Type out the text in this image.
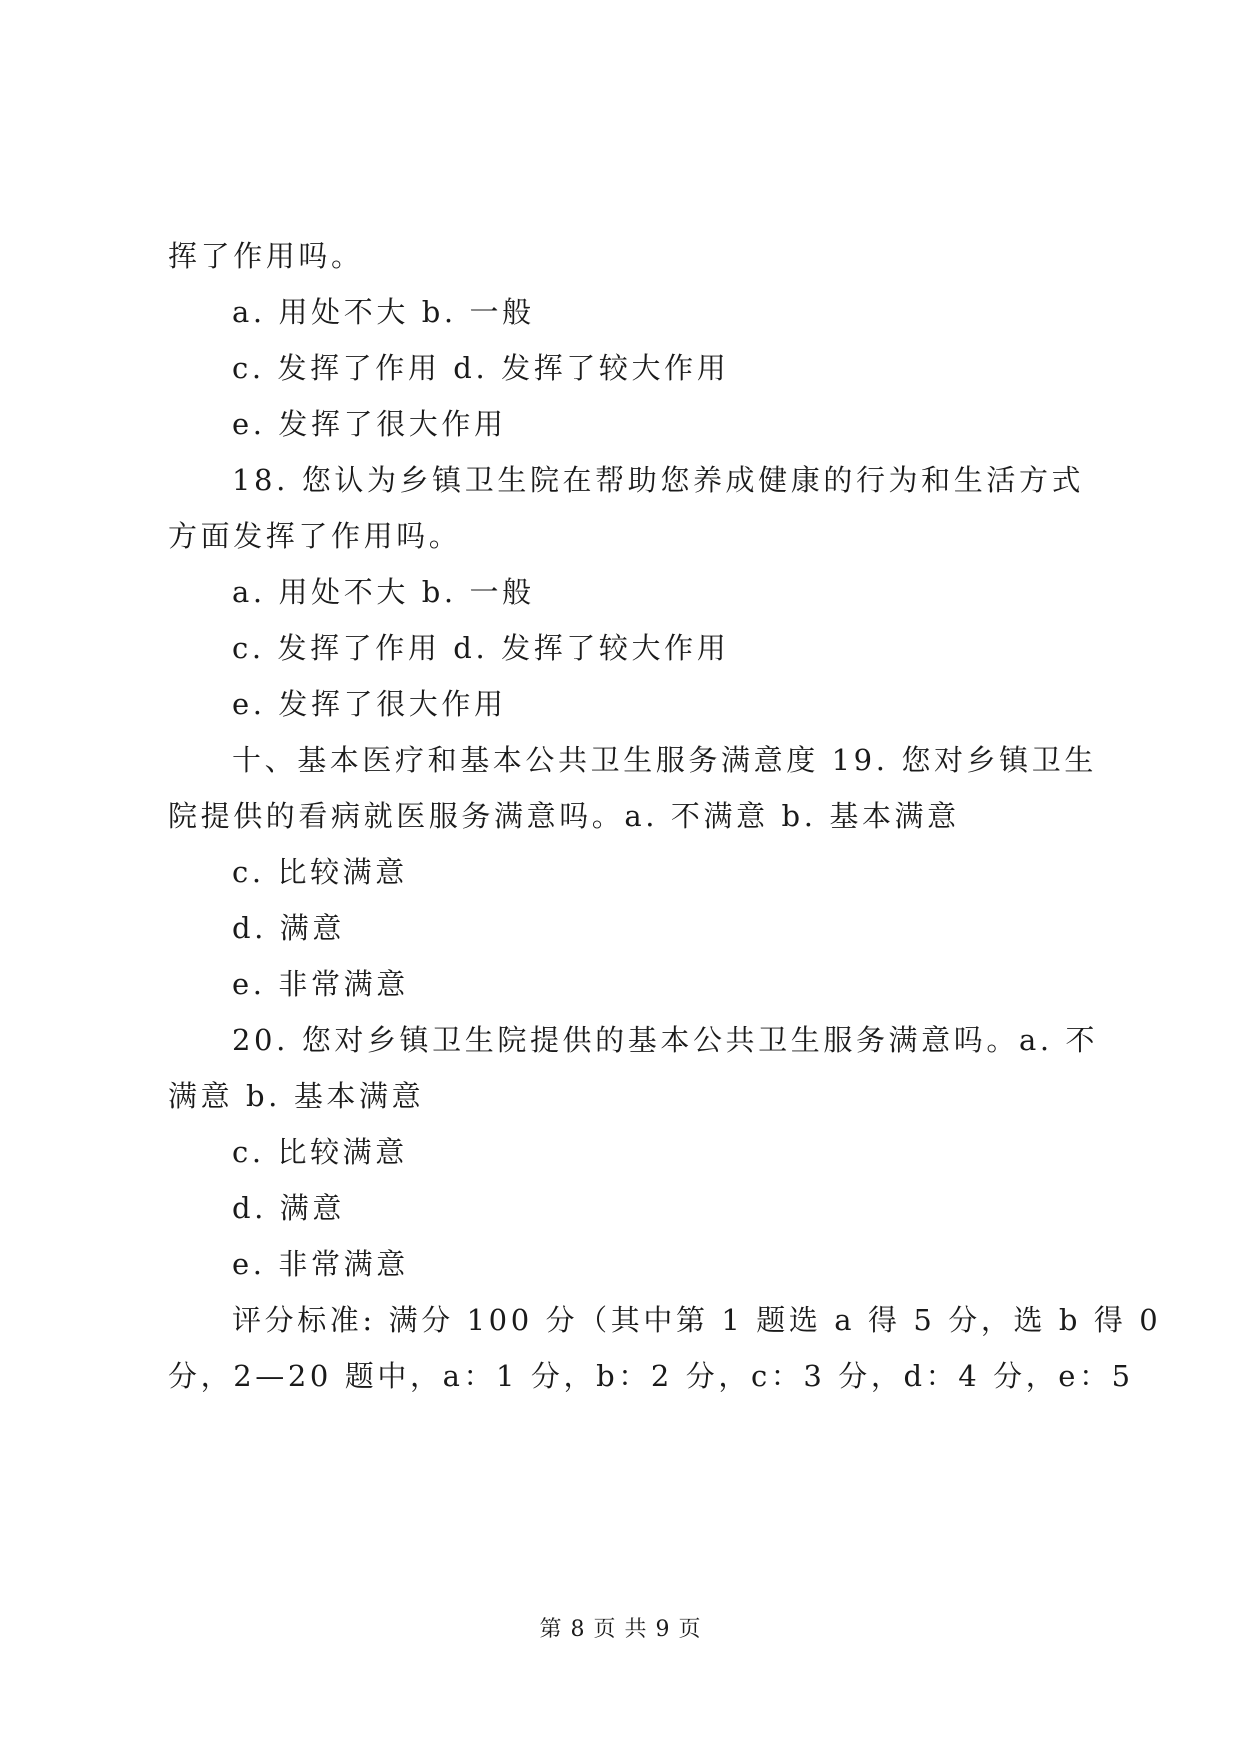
挥了作用吗。
a. 用处不大 b. 一般
c. 发挥了作用 d. 发挥了较大作用
e. 发挥了很大作用
18. 您认为乡镇卫生院在帮助您养成健康的行为和生活方式
方面发挥了作用吗。
a. 用处不大 b. 一般
c. 发挥了作用 d. 发挥了较大作用
e. 发挥了很大作用
十、基本医疗和基本公共卫生服务满意度 19. 您对乡镇卫生
院提供的看病就医服务满意吗。a. 不满意 b. 基本满意
c. 比较满意
d. 满意
e. 非常满意
20. 您对乡镇卫生院提供的基本公共卫生服务满意吗。a. 不
满意 b. 基本满意
c. 比较满意
d. 满意
e. 非常满意
评分标准: 满分 100 分（其中第 1 题选 a 得 5 分，选 b 得 0
分，2—20 题中，a：1 分，b：2 分，c：3 分，d：4 分，e：5
第 8 页 共 9 页
